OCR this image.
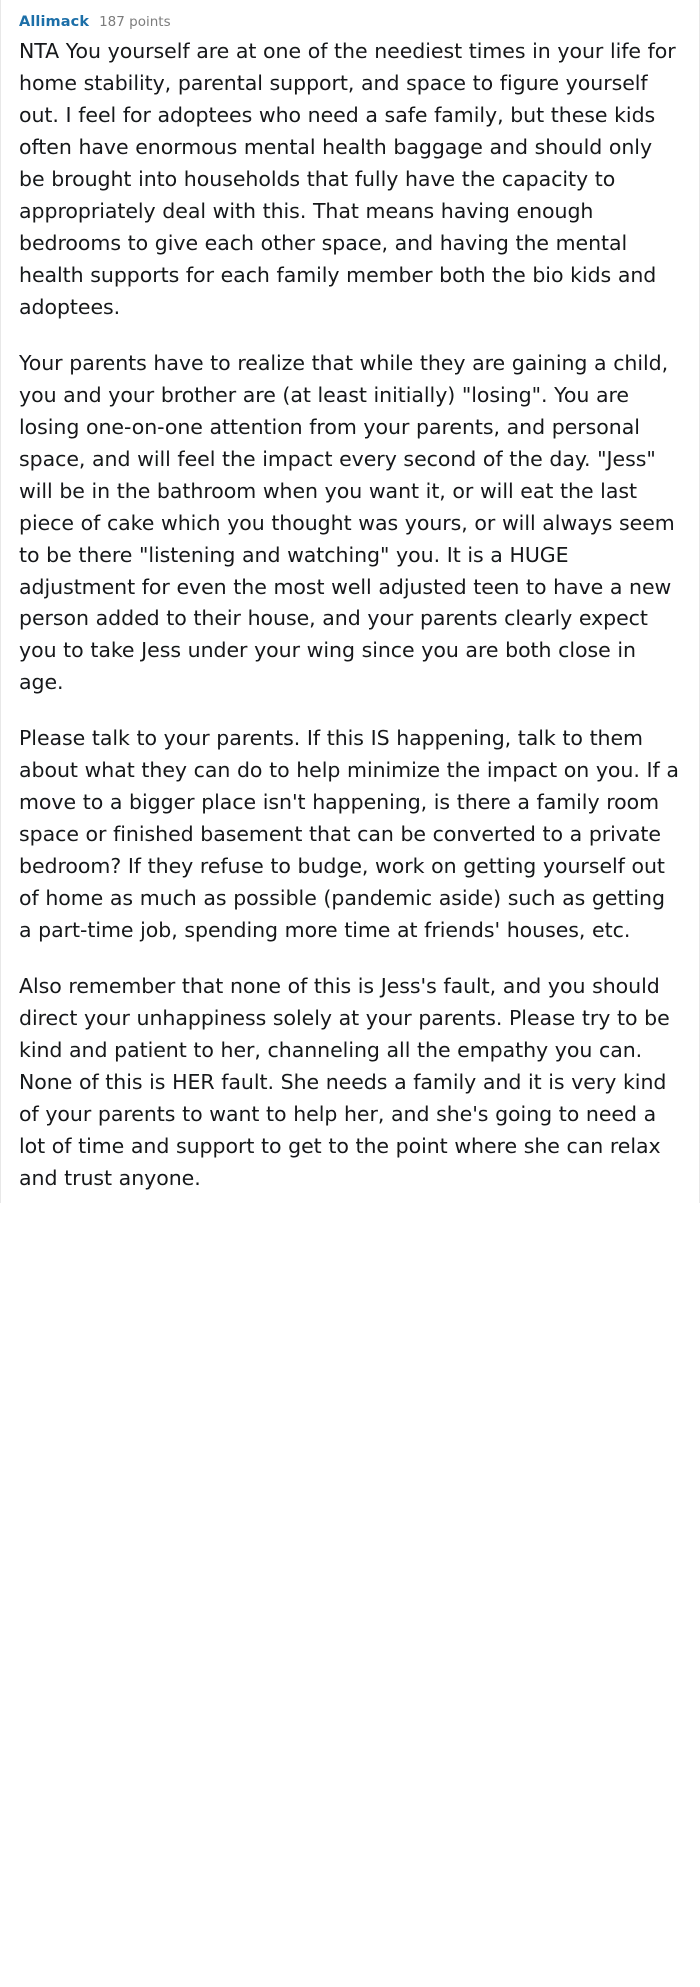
Allimack 187 points

NTA You yourself are at one of the neediest times in your life for home stability, parental support, and space to figure yourself out. I feel for adoptees who need a safe family, but these kids often have enormous mental health baggage and should only be brought into households that fully have the capacity to appropriately deal with this. That means having enough bedrooms to give each other space, and having the mental health supports for each family member both the bio kids and adoptees.

Your parents have to realize that while they are gaining a child, you and your brother are (at least initially) "losing". You are losing one-on-one attention from your parents, and personal space, and will feel the impact every second of the day. "Jess" will be in the bathroom when you want it, or will eat the last piece of cake which you thought was yours, or will always seem to be there "listening and watching" you. It is a HUGE adjustment for even the most well adjusted teen to have a new person added to their house, and your parents clearly expect you to take Jess under your wing since you are both close in age.

Please talk to your parents. If this IS happening, talk to them about what they can do to help minimize the impact on you. If a move to a bigger place isn't happening, is there a family room space or finished basement that can be converted to a private bedroom? If they refuse to budge, work on getting yourself out of home as much as possible (pandemic aside) such as getting a part-time job, spending more time at friends' houses, etc.

Also remember that none of this is Jess's fault, and you should direct your unhappiness solely at your parents. Please try to be kind and patient to her, channeling all the empathy you can. None of this is HER fault. She needs a family and it is very kind of your parents to want to help her, and she's going to need a lot of time and support to get to the point where she can relax and trust anyone.
